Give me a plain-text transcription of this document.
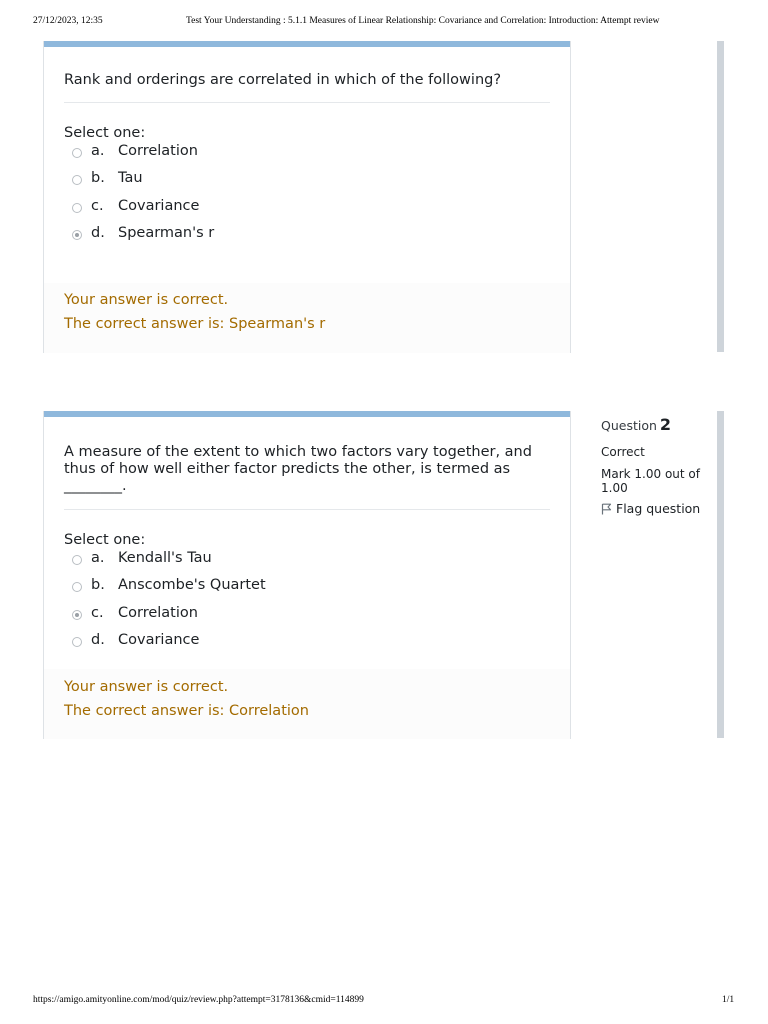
27/12/2023, 12:35	Test Your Understanding : 5.1.1 Measures of Linear Relationship: Covariance and Correlation: Introduction: Attempt review
Rank and orderings are correlated in which of the following?
Select one:
a. Correlation
b. Tau
c. Covariance
d. Spearman's r
Your answer is correct.
The correct answer is: Spearman's r
A measure of the extent to which two factors vary together, and thus of how well either factor predicts the other, is termed as ________.
Select one:
a. Kendall's Tau
b. Anscombe's Quartet
c. Correlation
d. Covariance
Your answer is correct.
The correct answer is: Correlation
Question 2
Correct
Mark 1.00 out of 1.00
Flag question
https://amigo.amityonline.com/mod/quiz/review.php?attempt=3178136&cmid=114899	1/1
